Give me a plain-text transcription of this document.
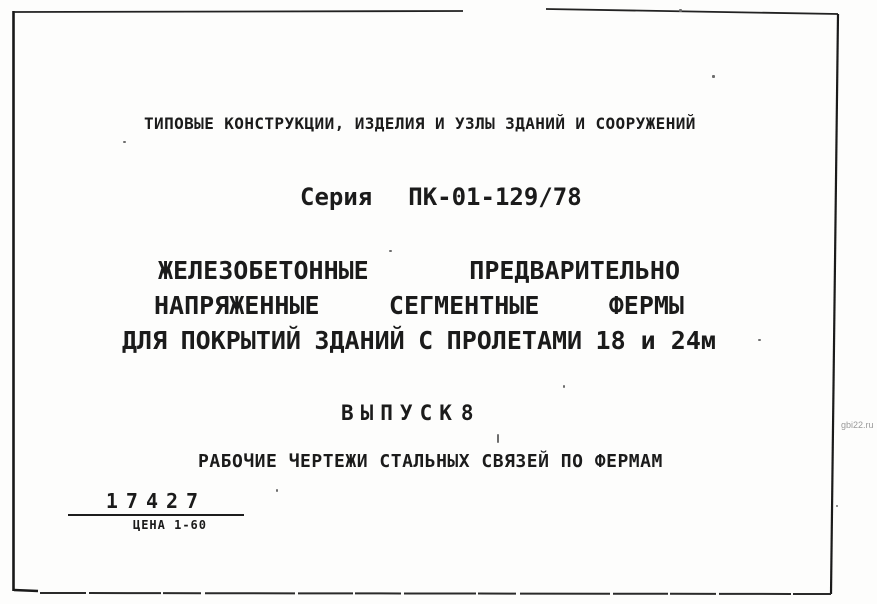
ТИПОВЫЕ КОНСТРУКЦИИ, ИЗДЕЛИЯ И УЗЛЫ ЗДАНИЙ И СООРУЖЕНИЙ
Серия ПК-01-129/78
ЖЕЛЕЗОБЕТОННЫЕ	ПРЕДВАРИТЕЛЬНО
НАПРЯЖЕННЫЕ	СЕГМЕНТНЫЕ	ФЕРМЫ
ДЛЯ ПОКРЫТИЙ ЗДАНИЙ С ПРОЛЕТАМИ 18 и 24м
ВЫПУСК8
РАБОЧИЕ ЧЕРТЕЖИ СТАЛЬНЫХ СВЯЗЕЙ ПО ФЕРМАМ
17427
ЦЕНА 1-60
gbi22.ru
